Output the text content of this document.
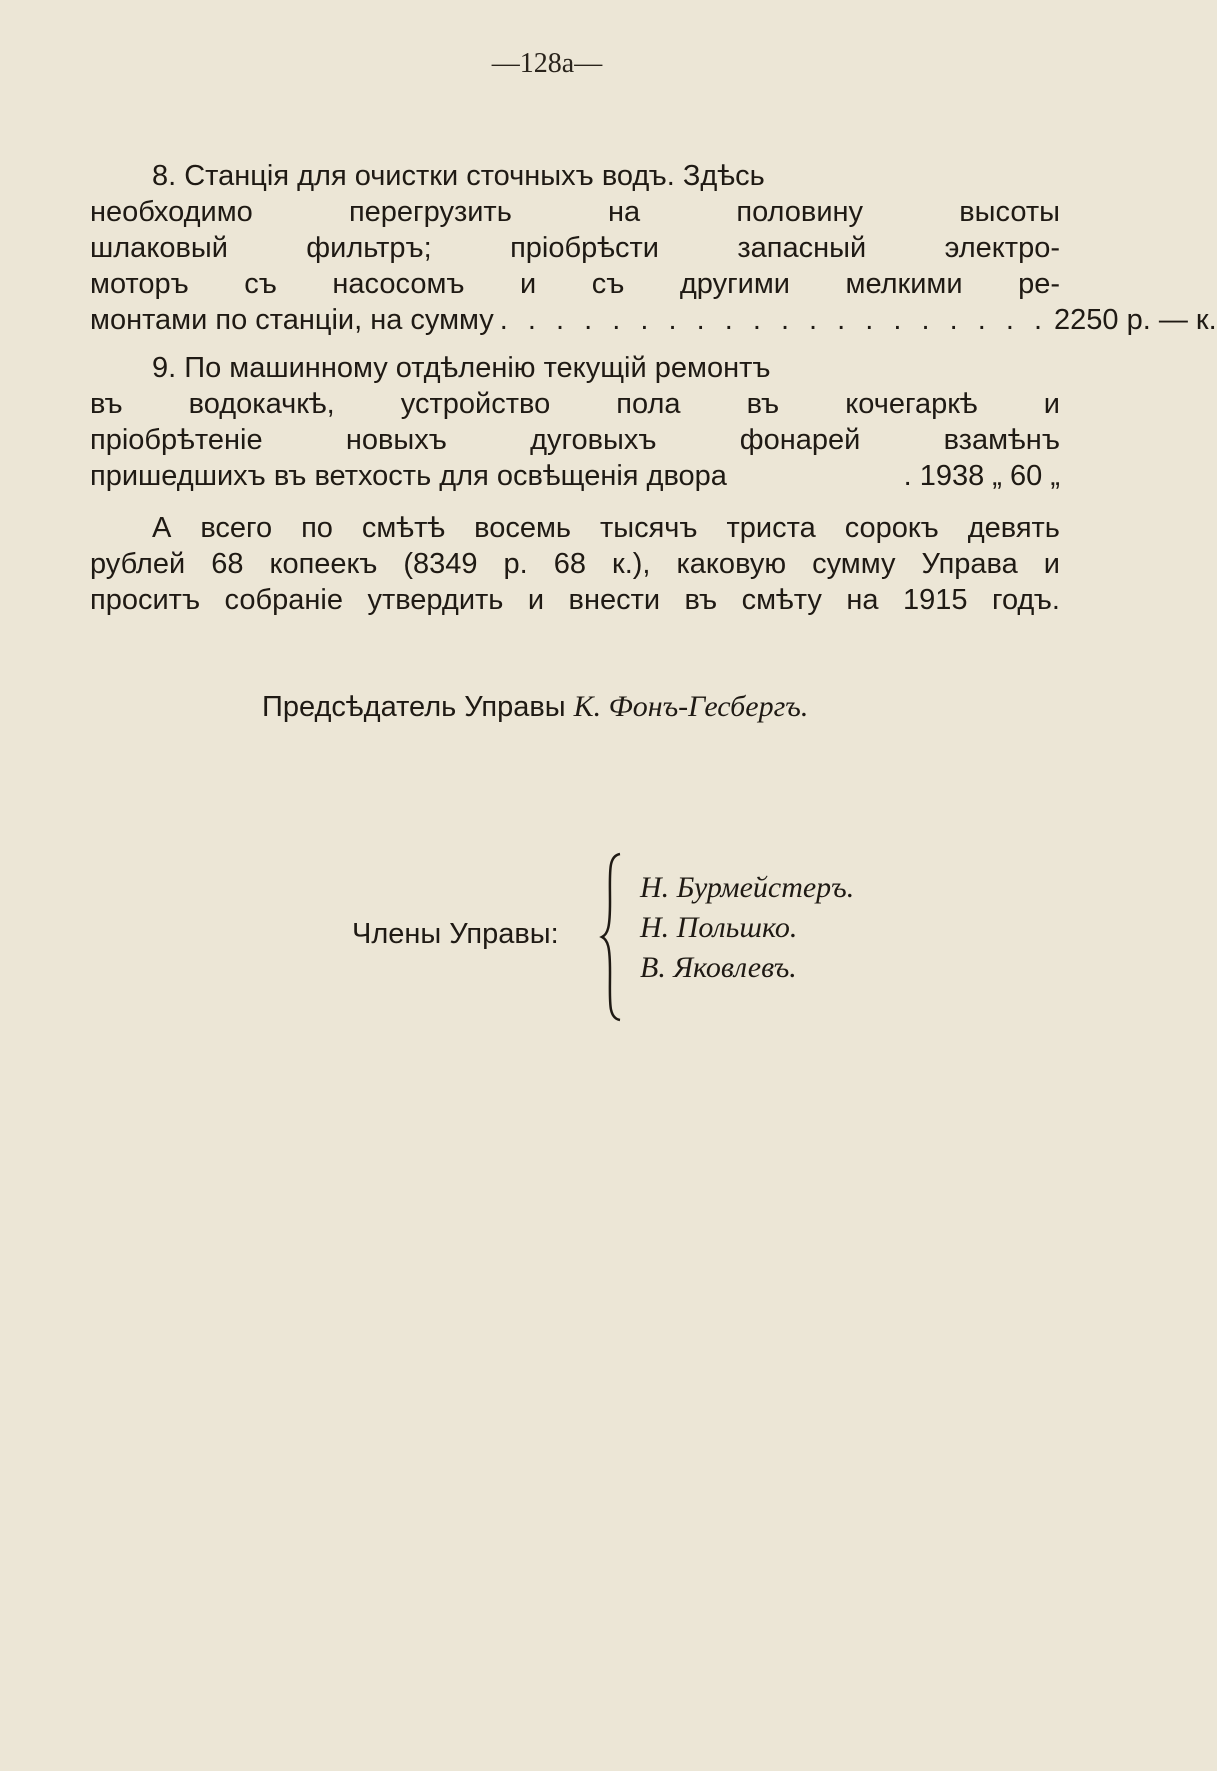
—128а—
8. Станція для очистки сточныхъ водъ. Здѣсь
необходимо	перегрузить	на	половину	высоты
шлаковый	фильтръ;	пріобрѣсти	запасный	электро-
моторъ съ насосомъ и съ другими мелкими ре-
монтами по станціи, на сумму . . . . . . . . . . . . . . . . . . . . 2250 р. — к.
9. По машинному отдѣленію текущій ремонтъ
въ водокачкѣ, устройство пола въ кочегаркѣ и
пріобрѣтеніе	новыхъ	дуговыхъ	фонарей	взамѣнъ
пришедшихъ въ ветхость для освѣщенія двора	. 1938 „ 60 „
А всего по смѣтѣ восемь тысячъ триста сорокъ девять
рублей 68 копеекъ (8349 р. 68 к.), каковую сумму Управа и
проситъ собраніе утвердить и внести въ смѣту на 1915 годъ.
Предсѣдатель Управы К. Фонъ-Гесбергъ.
Члены Управы:
Н. Бурмейстеръ.
Н. Польшко.
В. Яковлевъ.
